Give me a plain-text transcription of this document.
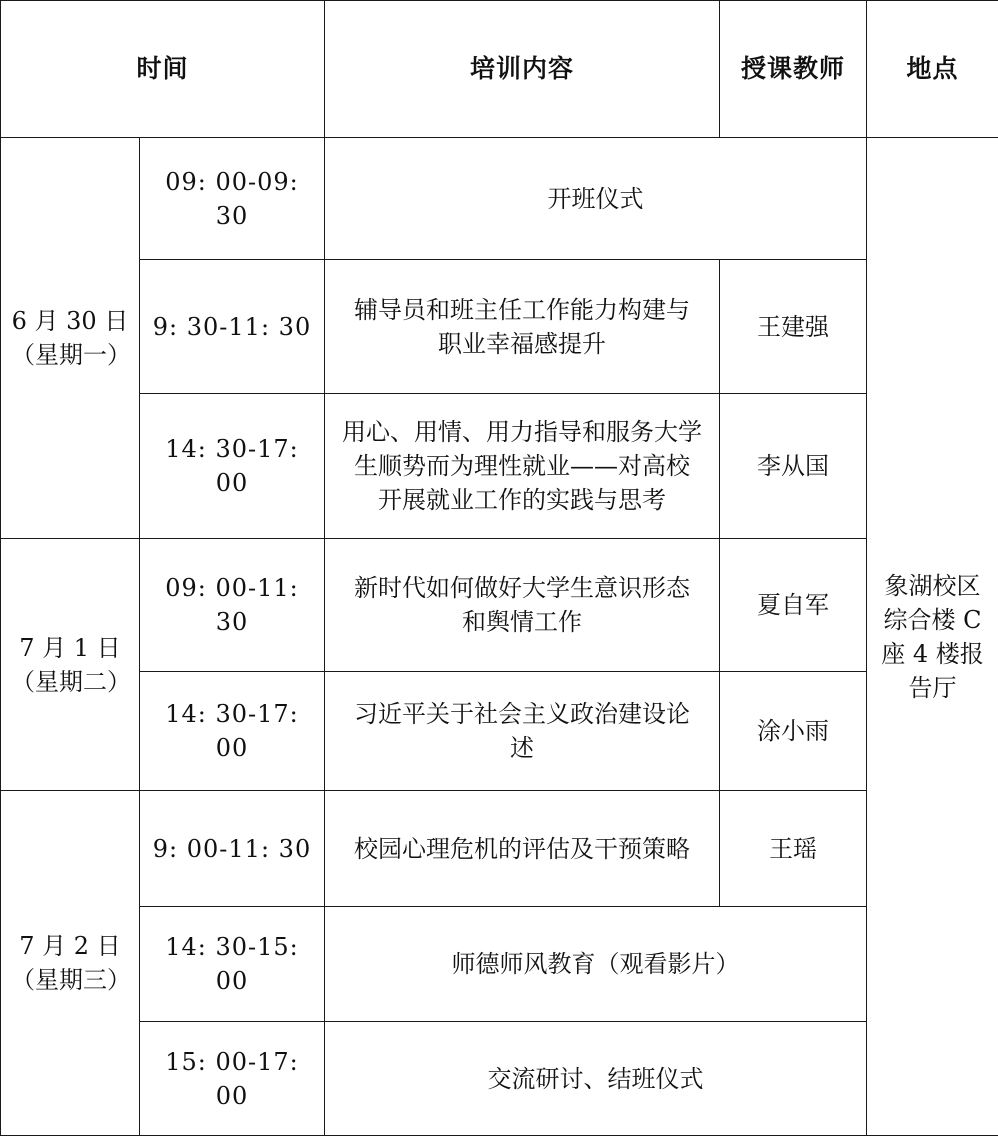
时间		培训内容	授课教师	地点

6 月 30 日
（星期一）	09: 00-09: 30	开班仪式		象湖校区
综合楼 C
座 4 楼报
告厅

	9: 30-11: 30	辅导员和班主任工作能力构建与
职业幸福感提升	王建强	
	14: 30-17: 00	用心、用情、用力指导和服务大学
生顺势而为理性就业——对高校
开展就业工作的实践与思考	李从国	

7 月 1 日
（星期二）	09: 00-11: 30	新时代如何做好大学生意识形态
和舆情工作	夏自军	
	14: 30-17: 00	习近平关于社会主义政治建设论
述	涂小雨	

7 月 2 日
（星期三）	9: 00-11: 30	校园心理危机的评估及干预策略	王瑶	
	14: 30-15: 00	师德师风教育（观看影片）		

	15: 00-17: 00	交流研讨、结班仪式		
